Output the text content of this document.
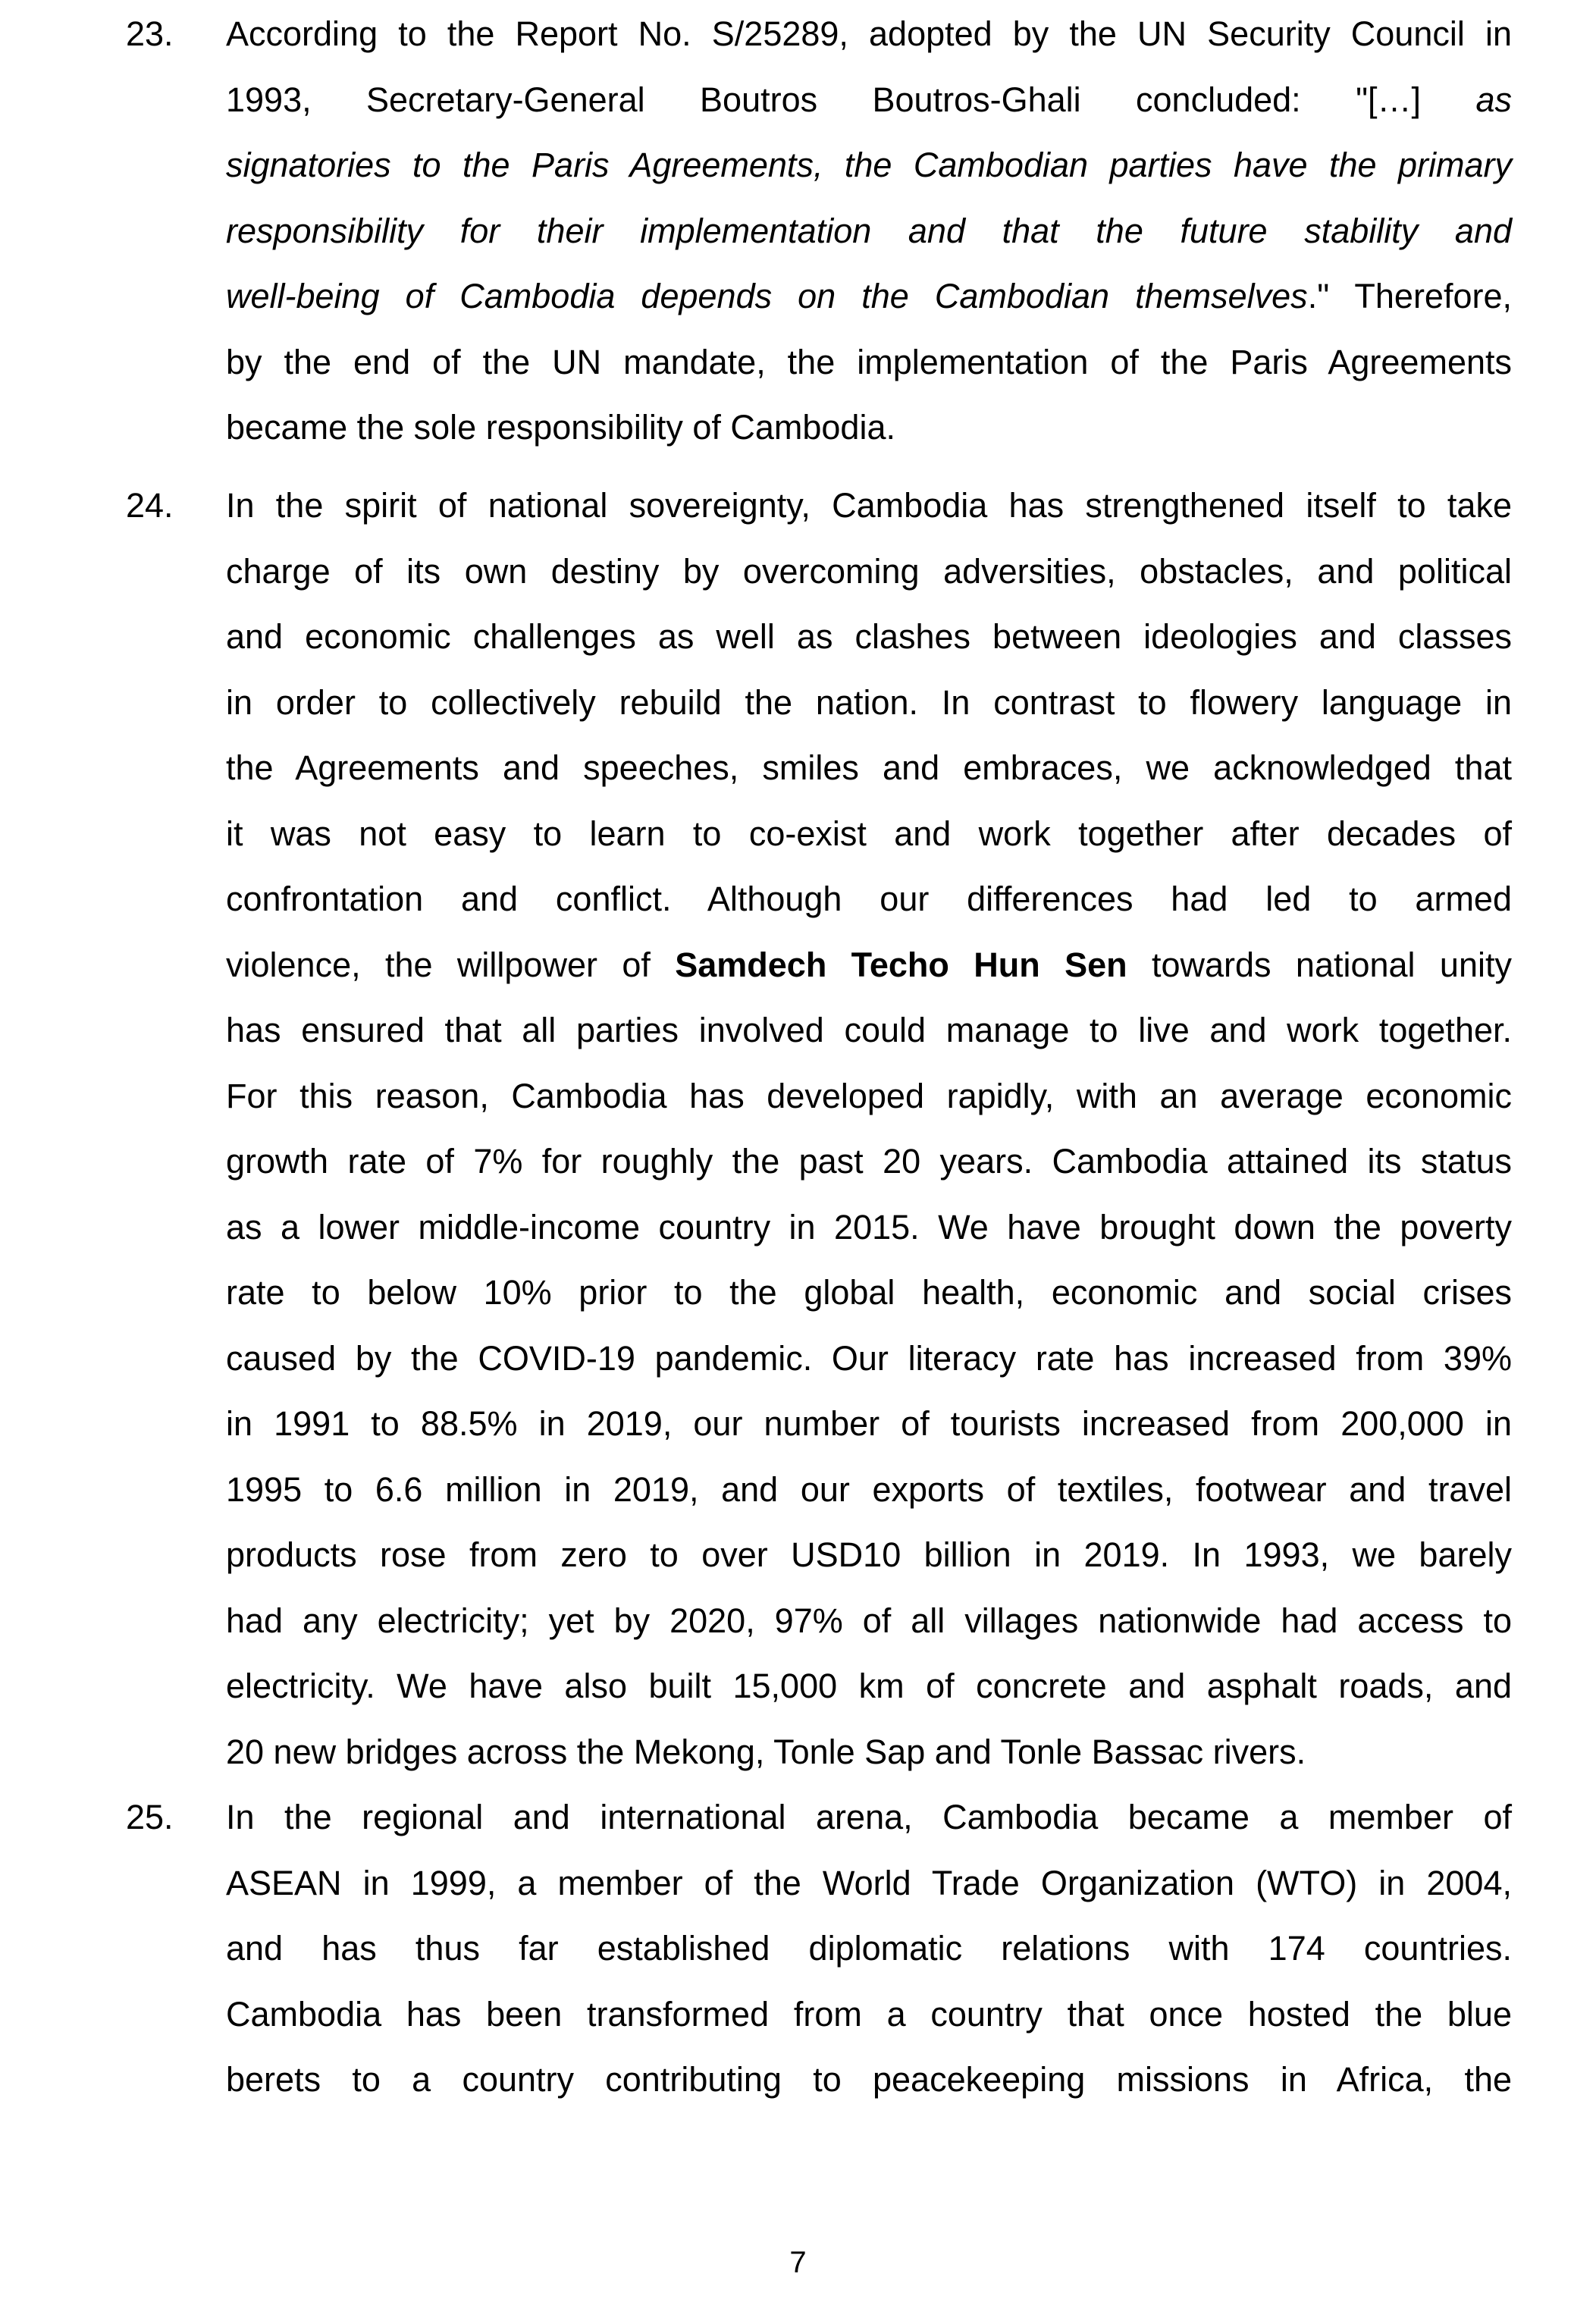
23. According to the Report No. S/25289, adopted by the UN Security Council in
1993, Secretary-General Boutros Boutros-Ghali concluded: "[…] as
signatories to the Paris Agreements, the Cambodian parties have the primary
responsibility for their implementation and that the future stability and
well-being of Cambodia depends on the Cambodian themselves." Therefore,
by the end of the UN mandate, the implementation of the Paris Agreements
became the sole responsibility of Cambodia.
24. In the spirit of national sovereignty, Cambodia has strengthened itself to take
charge of its own destiny by overcoming adversities, obstacles, and political
and economic challenges as well as clashes between ideologies and classes
in order to collectively rebuild the nation. In contrast to flowery language in
the Agreements and speeches, smiles and embraces, we acknowledged that
it was not easy to learn to co-exist and work together after decades of
confrontation and conflict. Although our differences had led to armed
violence, the willpower of Samdech Techo Hun Sen towards national unity
has ensured that all parties involved could manage to live and work together.
For this reason, Cambodia has developed rapidly, with an average economic
growth rate of 7% for roughly the past 20 years. Cambodia attained its status
as a lower middle-income country in 2015. We have brought down the poverty
rate to below 10% prior to the global health, economic and social crises
caused by the COVID-19 pandemic. Our literacy rate has increased from 39%
in 1991 to 88.5% in 2019, our number of tourists increased from 200,000 in
1995 to 6.6 million in 2019, and our exports of textiles, footwear and travel
products rose from zero to over USD10 billion in 2019. In 1993, we barely
had any electricity; yet by 2020, 97% of all villages nationwide had access to
electricity. We have also built 15,000 km of concrete and asphalt roads, and
20 new bridges across the Mekong, Tonle Sap and Tonle Bassac rivers.
25. In the regional and international arena, Cambodia became a member of
ASEAN in 1999, a member of the World Trade Organization (WTO) in 2004,
and has thus far established diplomatic relations with 174 countries.
Cambodia has been transformed from a country that once hosted the blue
berets to a country contributing to peacekeeping missions in Africa, the
7
